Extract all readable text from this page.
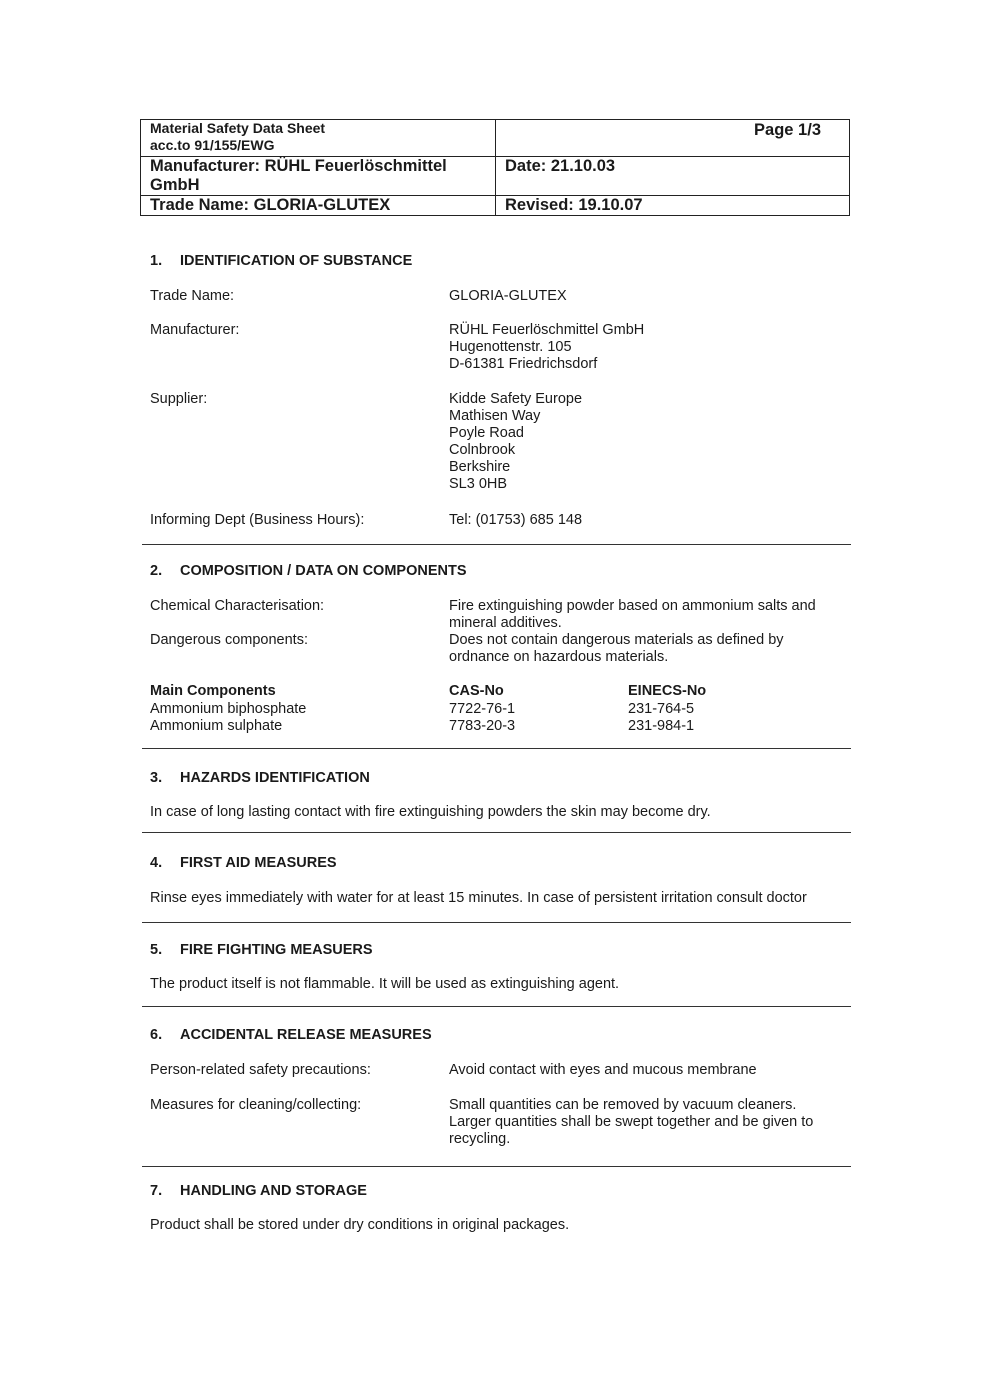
Material Safety Data Sheet
acc.to 91/155/EWG	Page 1/3
Manufacturer: RÜHL Feuerlöschmittel GmbH	Date: 21.10.03
Trade Name: GLORIA-GLUTEX	Revised: 19.10.07
1. IDENTIFICATION OF SUBSTANCE
Trade Name:	GLORIA-GLUTEX
Manufacturer:	RÜHL Feuerlöschmittel GmbH
Hugenottenstr. 105
D-61381 Friedrichsdorf
Supplier:	Kidde Safety Europe
Mathisen Way
Poyle Road
Colnbrook
Berkshire
SL3 0HB
Informing Dept (Business Hours):	Tel: (01753) 685 148
2. COMPOSITION / DATA ON COMPONENTS
Chemical Characterisation:	Fire extinguishing powder based on ammonium salts and mineral additives.
Dangerous components:	Does not contain dangerous materials as defined by ordnance on hazardous materials.
Main Components	CAS-No	EINECS-No
Ammonium biphosphate	7722-76-1	231-764-5
Ammonium sulphate	7783-20-3	231-984-1
3. HAZARDS IDENTIFICATION
In case of long lasting contact with fire extinguishing powders the skin may become dry.
4. FIRST AID MEASURES
Rinse eyes immediately with water for at least 15 minutes. In case of persistent irritation consult doctor
5. FIRE FIGHTING MEASUERS
The product itself is not flammable. It will be used as extinguishing agent.
6. ACCIDENTAL RELEASE MEASURES
Person-related safety precautions:	Avoid contact with eyes and mucous membrane
Measures for cleaning/collecting:	Small quantities can be removed by vacuum cleaners. Larger quantities shall be swept together and be given to recycling.
7. HANDLING AND STORAGE
Product shall be stored under dry conditions in original packages.
